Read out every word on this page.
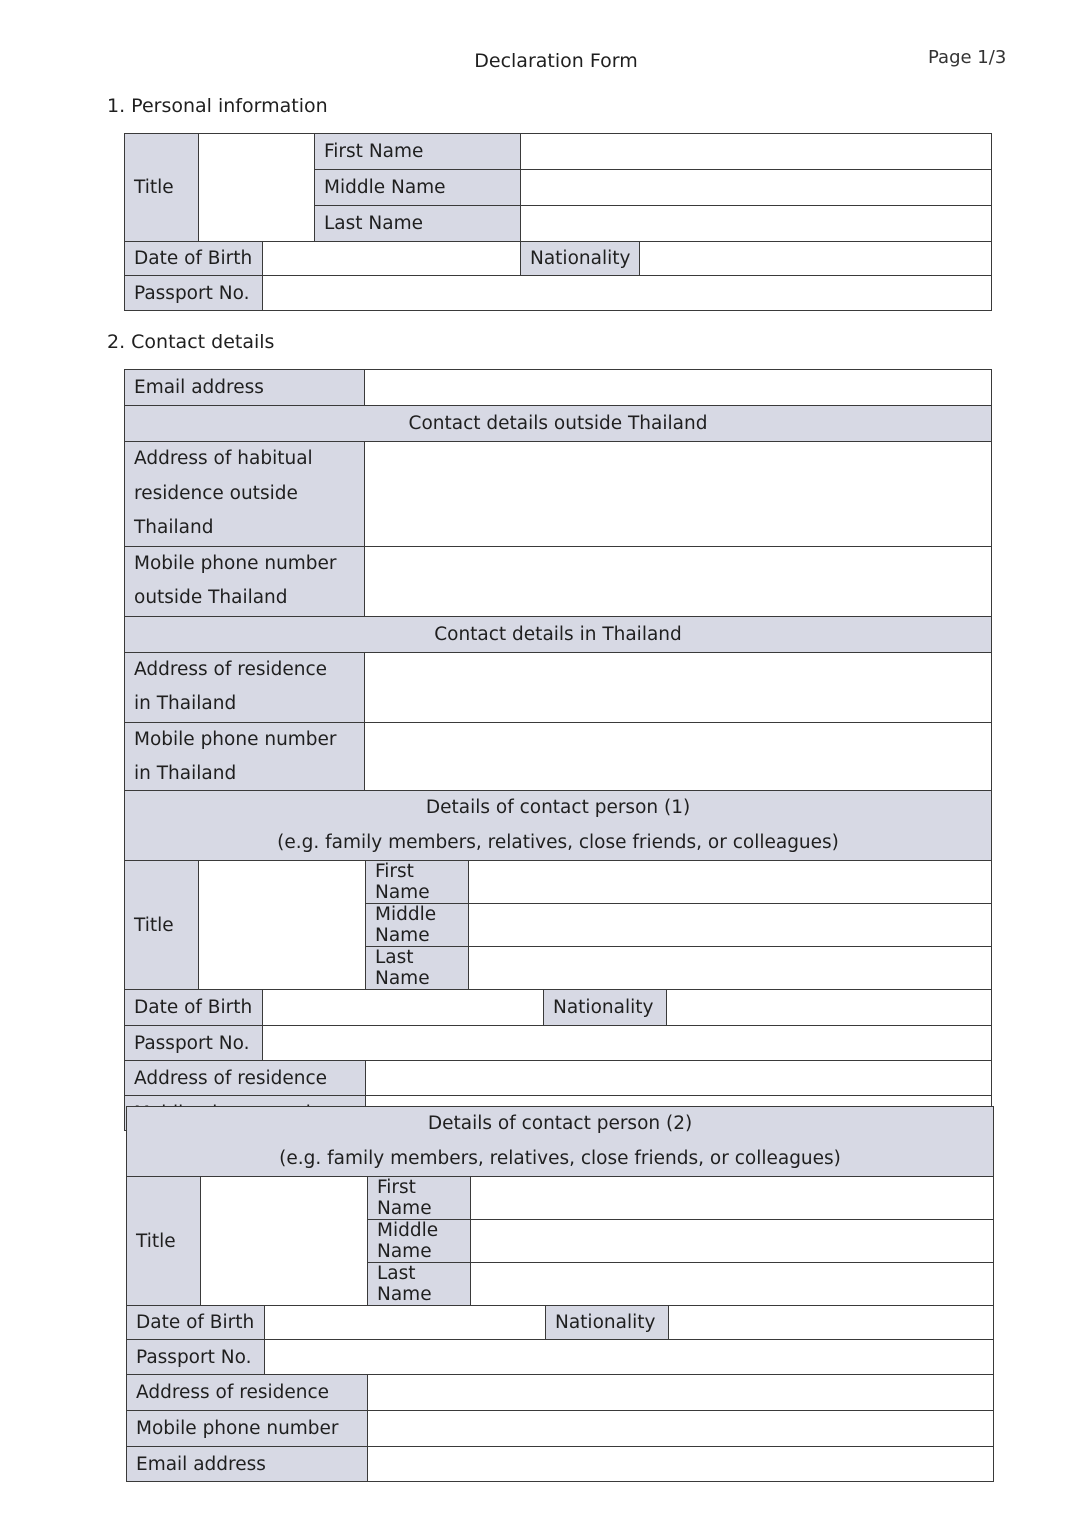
Declaration Form	Page 1/3
1. Personal information
Title			First Name		
			Middle Name		
			Last Name		
Date of Birth				Nationality	
Passport No.					
2. Contact details
Email address	
Contact details outside Thailand	

Address of habitual
residence outside
Thailand	

Mobile phone number
outside Thailand	

Contact details in Thailand	

Address of residence
in Thailand	

Mobile phone number
in Thailand	

Details of contact person (1)
(e.g. family members, relatives, close friends, or colleagues)						

Title			First Name			
			Middle Name			
			Last Name			
Date of Birth					Nationality	
Passport No.						
Address of residence						

Details of contact person (2)
(e.g. family members, relatives, close friends, or colleagues)						

Title			First Name			
			Middle Name			
			Last Name			
Date of Birth					Nationality	
Passport No.						
Address of residence						
Mobile phone number						
Email address						
